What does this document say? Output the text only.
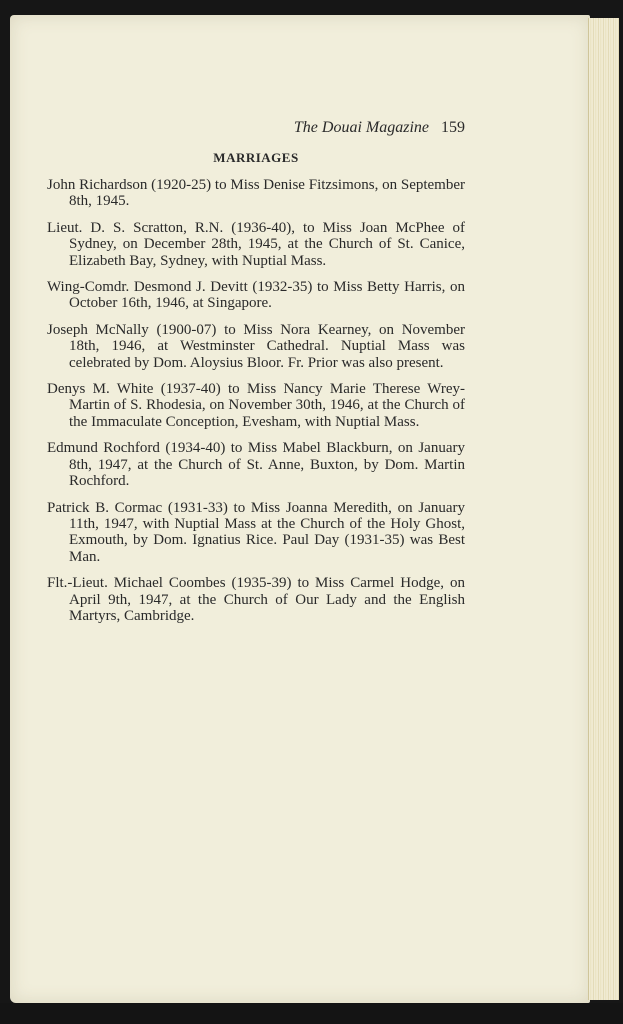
The Douai Magazine 159
MARRIAGES

John Richardson (1920-25) to Miss Denise Fitzsimons, on September 8th, 1945.

Lieut. D. S. Scratton, R.N. (1936-40), to Miss Joan McPhee of Sydney, on December 28th, 1945, at the Church of St. Canice, Elizabeth Bay, Sydney, with Nuptial Mass.

Wing-Comdr. Desmond J. Devitt (1932-35) to Miss Betty Harris, on October 16th, 1946, at Singapore.

Joseph McNally (1900-07) to Miss Nora Kearney, on November 18th, 1946, at Westminster Cathedral. Nuptial Mass was celebrated by Dom. Aloysius Bloor. Fr. Prior was also present.

Denys M. White (1937-40) to Miss Nancy Marie Therese Wrey-Martin of S. Rhodesia, on November 30th, 1946, at the Church of the Immaculate Conception, Evesham, with Nuptial Mass.

Edmund Rochford (1934-40) to Miss Mabel Blackburn, on January 8th, 1947, at the Church of St. Anne, Buxton, by Dom. Martin Rochford.

Patrick B. Cormac (1931-33) to Miss Joanna Meredith, on January 11th, 1947, with Nuptial Mass at the Church of the Holy Ghost, Exmouth, by Dom. Ignatius Rice. Paul Day (1931-35) was Best Man.

Flt.-Lieut. Michael Coombes (1935-39) to Miss Carmel Hodge, on April 9th, 1947, at the Church of Our Lady and the English Martyrs, Cambridge.
